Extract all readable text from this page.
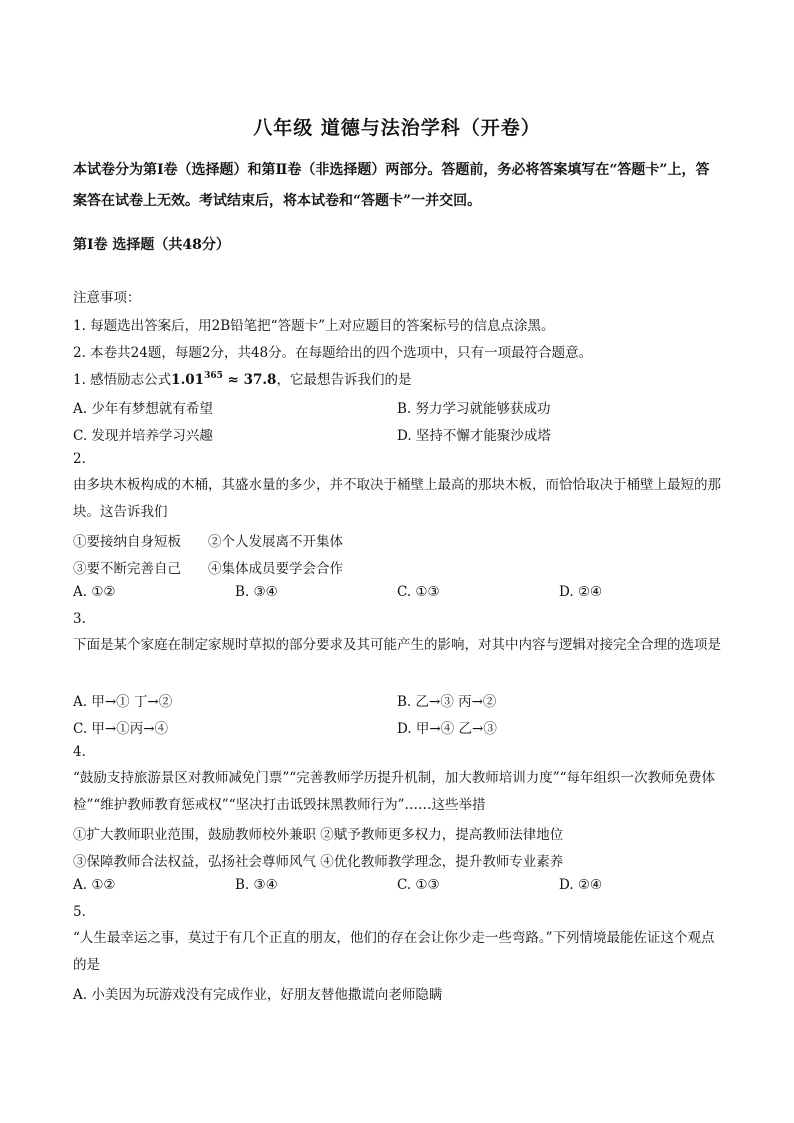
八年级 道德与法治学科（开卷）
本试卷分为第Ⅰ卷（选择题）和第Ⅱ卷（非选择题）两部分。答题前，务必将答案填写在“答题卡”上，答案答在试卷上无效。考试结束后，将本试卷和“答题卡”一并交回。
第Ⅰ卷 选择题（共48分）
注意事项：
1. 每题选出答案后，用2B铅笔把“答题卡”上对应题目的答案标号的信息点涂黑。
2. 本卷共24题，每题2分，共48分。在每题给出的四个选项中，只有一项最符合题意。
1. 感悟励志公式$1.01^{365} \approx 37.8$，它最想告诉我们的是
A. 少年有梦想就有希望	B. 努力学习就能够获成功
C. 发现并培养学习兴趣	D. 坚持不懈才能聚沙成塔
2.
由多块木板构成的木桶，其盛水量的多少，并不取决于桶壁上最高的那块木板，而恰恰取决于桶壁上最短的那块。这告诉我们
①要接纳自身短板　　②个人发展离不开集体
③要不断完善自己　　④集体成员要学会合作
A. ①②	B. ③④	C. ①③	D. ②④
3.
下面是某个家庭在制定家规时草拟的部分要求及其可能产生的影响，对其中内容与逻辑对接完全合理的选项是
A. 甲→① 丁→②	B. 乙→③ 丙→②
C. 甲→①丙→④	D. 甲→④ 乙→③
4.
“鼓励支持旅游景区对教师减免门票”“完善教师学历提升机制，加大教师培训力度”“每年组织一次教师免费体检”“维护教师教育惩戒权”“坚决打击诋毁抹黑教师行为”……这些举措
①扩大教师职业范围，鼓励教师校外兼职 ②赋予教师更多权力，提高教师法律地位
③保障教师合法权益，弘扬社会尊师风气 ④优化教师教学理念，提升教师专业素养
A. ①②	B. ③④	C. ①③	D. ②④
5.
“人生最幸运之事，莫过于有几个正直的朋友，他们的存在会让你少走一些弯路。”下列情境最能佐证这个观点的是
A. 小美因为玩游戏没有完成作业，好朋友替他撒谎向老师隐瞒
